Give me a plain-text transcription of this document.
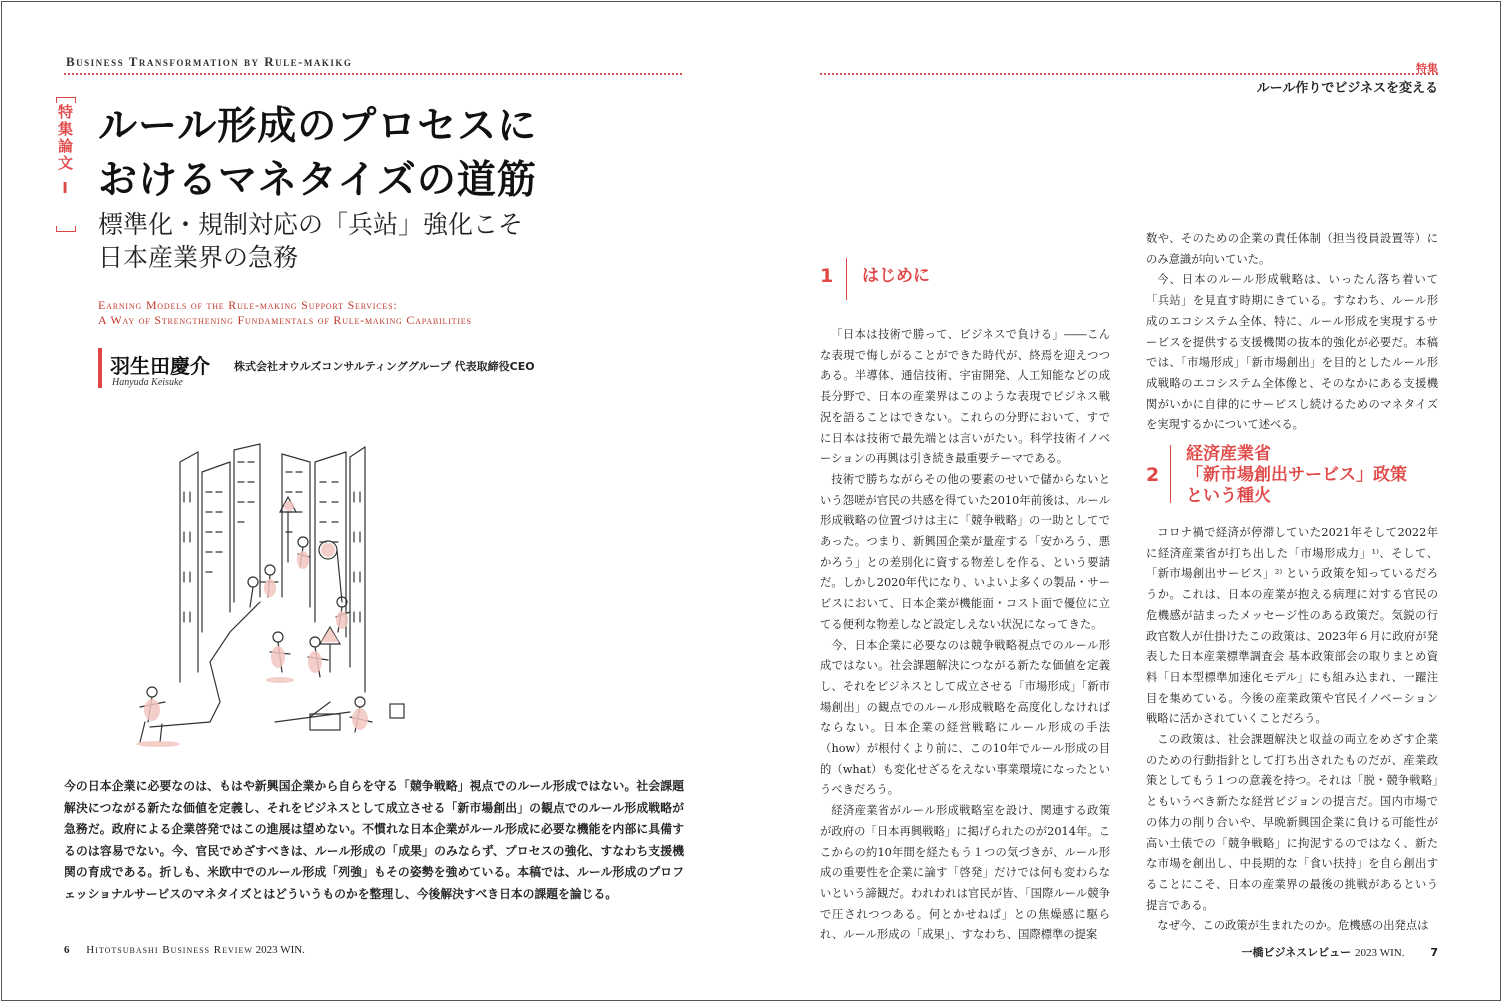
Business Transformation by Rule-makikg	特集
ルール作りでビジネスを変える
特集論文 Ⅰ ルール形成のプロセスに
おけるマネタイズの道筋
標準化・規制対応の「兵站」強化こそ
日本産業界の急務
Earning Models of the Rule-making Support Services:
A Way of Strengthening Fundamentals of Rule-making Capabilities
羽生田慶介 株式会社オウルズコンサルティンググループ 代表取締役CEO
Hanyuda Keisuke
今の日本企業に必要なのは、もはや新興国企業から自らを守る「競争戦略」視点でのルール形成ではない。社会課題解決につながる新たな価値を定義し、それをビジネスとして成立させる「新市場創出」の観点でのルール形成戦略が急務だ。政府による企業啓発ではこの進展は望めない。不慣れな日本企業がルール形成に必要な機能を内部に具備するのは容易でない。今、官民でめざすべきは、ルール形成の「成果」のみならず、プロセスの強化、すなわち支援機関の育成である。折しも、米欧中でのルール形成「列強」もその姿勢を強めている。本稿では、ルール形成のプロフェッショナルサービスのマネタイズとはどういうものかを整理し、今後解決すべき日本の課題を論じる。
6 Hitotsubashi Business Review 2023 WIN.	一橋ビジネスレビュー 2023 WIN. 7
1 はじめに

「日本は技術で勝って、ビジネスで負ける」――こんな表現で悔しがることができた時代が、終焉を迎えつつある。半導体、通信技術、宇宙開発、人工知能などの成長分野で、日本の産業界はこのような表現でビジネス戦況を語ることはできない。これらの分野において、すでに日本は技術で最先端とは言いがたい。科学技術イノベーションの再興は引き続き最重要テーマである。

技術で勝ちながらその他の要素のせいで儲からないという怨嗟が官民の共感を得ていた2010年前後は、ルール形成戦略の位置づけは主に「競争戦略」の一助としてであった。つまり、新興国企業が量産する「安かろう、悪かろう」との差別化に資する物差しを作る、という要請だ。しかし2020年代になり、いよいよ多くの製品・サービスにおいて、日本企業が機能面・コスト面で優位に立てる便利な物差しなど設定しえない状況になってきた。

今、日本企業に必要なのは競争戦略視点でのルール形成ではない。社会課題解決につながる新たな価値を定義し、それをビジネスとして成立させる「市場形成」「新市場創出」の観点でのルール形成戦略を高度化しなければならない。日本企業の経営戦略にルール形成の手法（how）が根付くより前に、この10年でルール形成の目的（what）も変化せざるをえない事業環境になったというべきだろう。

経済産業省がルール形成戦略室を設け、関連する政策が政府の「日本再興戦略」に掲げられたのが2014年。ここからの約10年間を経たもう１つの気づきが、ルール形成の重要性を企業に論す「啓発」だけでは何も変わらないという諦観だ。われわれは官民が皆、「国際ルール競争で圧されつつある。何とかせねば」との焦燥感に駆られ、ルール形成の「成果」、すなわち、国際標準の提案

数や、そのための企業の責任体制（担当役員設置等）にのみ意識が向いていた。

今、日本のルール形成戦略は、いったん落ち着いて「兵站」を見直す時期にきている。すなわち、ルール形成のエコシステム全体、特に、ルール形成を実現するサービスを提供する支援機関の抜本的強化が必要だ。本稿では、「市場形成」「新市場創出」を目的としたルール形成戦略のエコシステム全体像と、そのなかにある支援機関がいかに自律的にサービスし続けるためのマネタイズを実現するかについて述べる。

2
経済産業省
「新市場創出サービス」政策
という種火

コロナ禍で経済が停滞していた2021年そして2022年に経済産業省が打ち出した「市場形成力」¹⁾、そして、「新市場創出サービス」²⁾ という政策を知っているだろうか。これは、日本の産業が抱える病理に対する官民の危機感が詰まったメッセージ性のある政策だ。気鋭の行政官数人が仕掛けたこの政策は、2023年６月に政府が発表した日本産業標準調査会 基本政策部会の取りまとめ資料「日本型標準加速化モデル」にも組み込まれ、一躍注目を集めている。今後の産業政策や官民イノベーション戦略に活かされていくことだろう。

この政策は、社会課題解決と収益の両立をめざす企業のための行動指針として打ち出されたものだが、産業政策としてもう１つの意義を持つ。それは「脱・競争戦略」ともいうべき新たな経営ビジョンの提言だ。国内市場での体力の削り合いや、早晩新興国企業に負ける可能性が高い土俵での「競争戦略」に拘泥するのではなく、新たな市場を創出し、中長期的な「食い扶持」を自ら創出することにこそ、日本の産業界の最後の挑戦があるという提言である。

なぜ今、この政策が生まれたのか。危機感の出発点は
